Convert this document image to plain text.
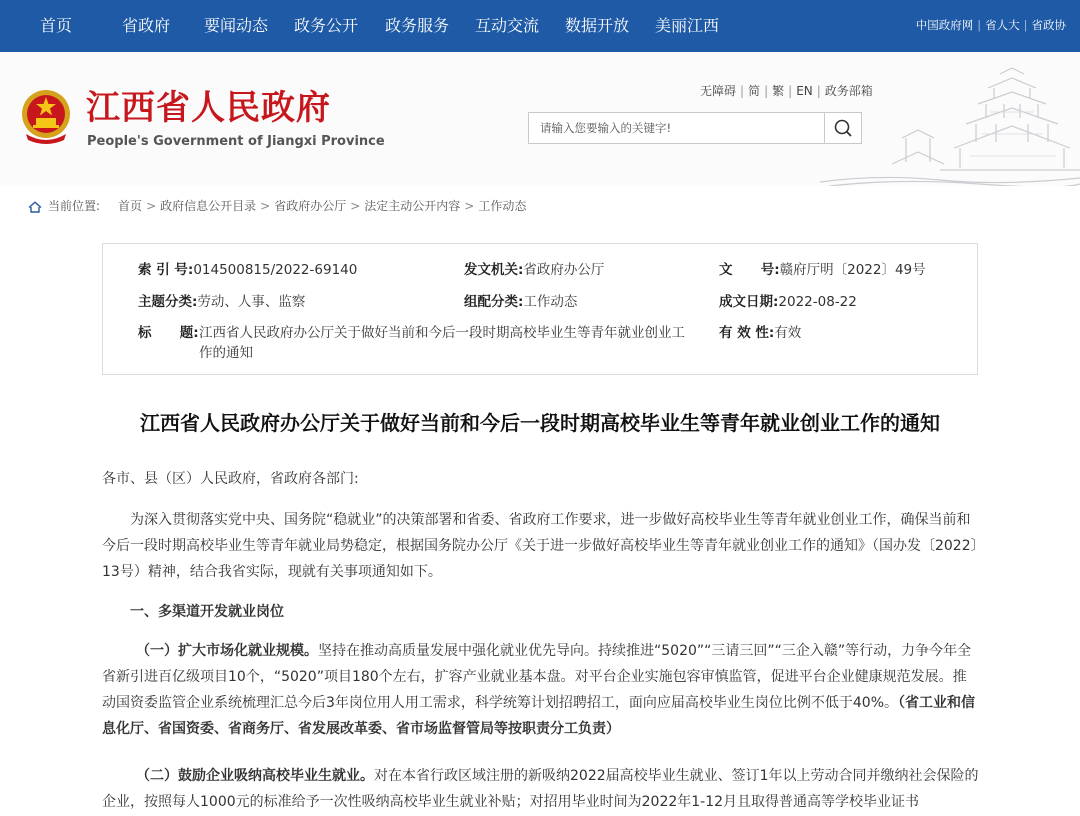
首页	省政府 要闻动态 政务公开 政务服务 互动交流 数据开放 美丽江西	中国政府网 | 省人大 | 省政协
江西省人民政府
People's Government of Jiangxi Province
无障碍 | 简 | 繁 | EN | 政务部箱
请输入您要输入的关键字!
当前位置: 首页 > 政府信息公开目录 > 省政府办公厅 > 法定主动公开内容 > 工作动态
索 引 号:014500815/2022-69140	发文机关:省政府办公厅	文      号:赣府厅明〔2022〕49号
主题分类:劳动、人事、监察	组配分类:工作动态	成文日期:2022-08-22
标      题: 江西省人民政府办公厅关于做好当前和今后一段时期高校毕业生等青年就业创业工
作的通知
有 效 性:有效
江西省人民政府办公厅关于做好当前和今后一段时期高校毕业生等青年就业创业工作的通知
各市、县（区）人民政府，省政府各部门:
为深入贯彻落实党中央、国务院“稳就业”的决策部署和省委、省政府工作要求，进一步做好高校毕业生等青年就业创业工作，确保当前和今后一段时期高校毕业生等青年就业局势稳定，根据国务院办公厅《关于进一步做好高校毕业生等青年就业创业工作的通知》（国办发〔2022〕13号）精神，结合我省实际，现就有关事项通知如下。
一、多渠道开发就业岗位
（一）扩大市场化就业规模。坚持在推动高质量发展中强化就业优先导向。持续推进“5020”“三请三回”“三企入赣”等行动，力争今年全省新引进百亿级项目10个，“5020”项目180个左右，扩容产业就业基本盘。对平台企业实施包容审慎监管，促进平台企业健康规范发展。推动国资委监管企业系统梳理汇总今后3年岗位用人用工需求，科学统筹计划招聘招工，面向应届高校毕业生岗位比例不低于40%。（省工业和信息化厅、省国资委、省商务厅、省发展改革委、省市场监督管局等按职责分工负责）
（二）鼓励企业吸纳高校毕业生就业。对在本省行政区域注册的新吸纳2022届高校毕业生就业、签订1年以上劳动合同并缴纳社会保险的企业，按照每人1000元的标准给予一次性吸纳高校毕业生就业补贴；对招用毕业时间为2022年1-12月且取得普通高等学校毕业证书
